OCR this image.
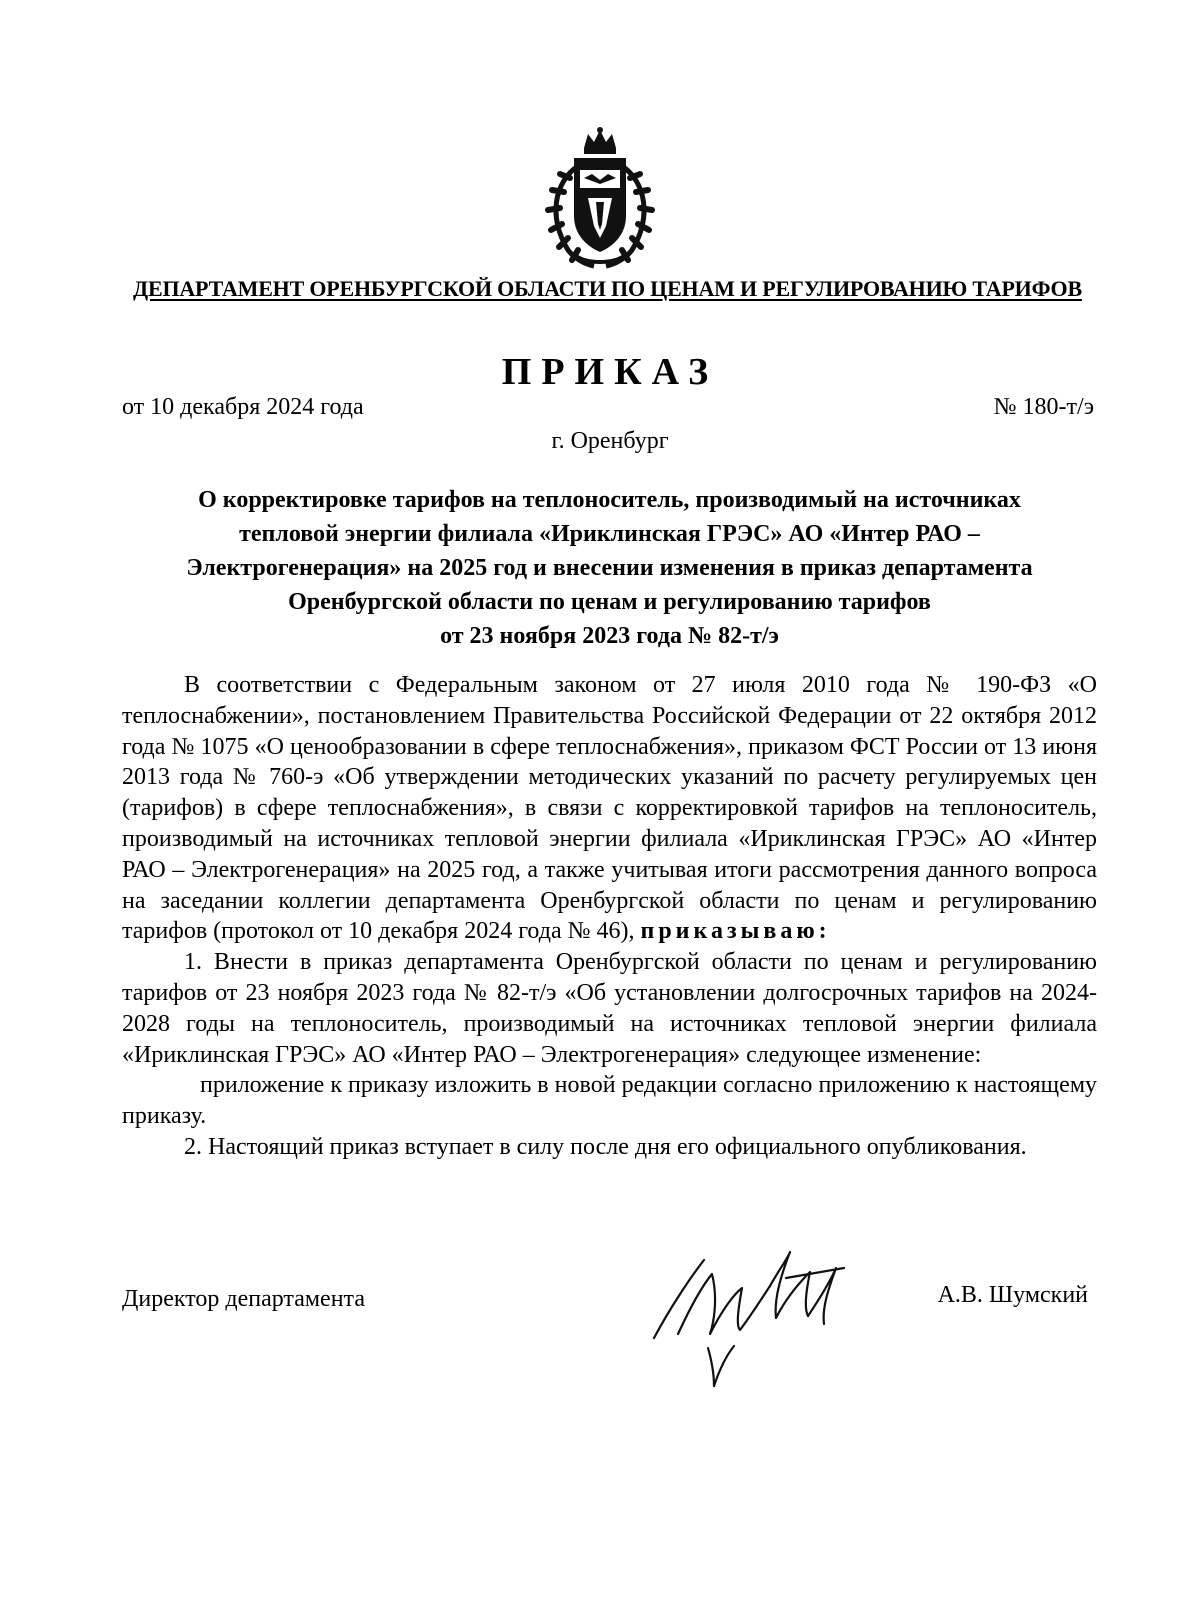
ДЕПАРТАМЕНТ ОРЕНБУРГСКОЙ ОБЛАСТИ ПО ЦЕНАМ И РЕГУЛИРОВАНИЮ ТАРИФОВ
ПРИКАЗ
от 10 декабря 2024 года	№ 180-т/э
г. Оренбург
О корректировке тарифов на теплоноситель, производимый на источниках
тепловой энергии филиала «Ириклинская ГРЭС» АО «Интер РАО –
Электрогенерация» на 2025 год и внесении изменения в приказ департамента
Оренбургской области по ценам и регулированию тарифов
от 23 ноября 2023 года № 82-т/э

В соответствии с Федеральным законом от 27 июля 2010 года № 190-ФЗ «О теплоснабжении», постановлением Правительства Российской Федерации от 22 октября 2012 года № 1075 «О ценообразовании в сфере теплоснабжения», приказом ФСТ России от 13 июня 2013 года № 760-э «Об утверждении методических указаний по расчету регулируемых цен (тарифов) в сфере теплоснабжения», в связи с корректировкой тарифов на теплоноситель, производимый на источниках тепловой энергии филиала «Ириклинская ГРЭС» АО «Интер РАО – Электрогенерация» на 2025 год, а также учитывая итоги рассмотрения данного вопроса на заседании коллегии департамента Оренбургской области по ценам и регулированию тарифов (протокол от 10 декабря 2024 года № 46), приказываю:

1. Внести в приказ департамента Оренбургской области по ценам и регулированию тарифов от 23 ноября 2023 года № 82-т/э «Об установлении долгосрочных тарифов на 2024-2028 годы на теплоноситель, производимый на источниках тепловой энергии филиала «Ириклинская ГРЭС» АО «Интер РАО – Электрогенерация» следующее изменение:

приложение к приказу изложить в новой редакции согласно приложению к настоящему приказу.

2. Настоящий приказ вступает в силу после дня его официального опубликования.

Директор департамента	А.В. Шумский
